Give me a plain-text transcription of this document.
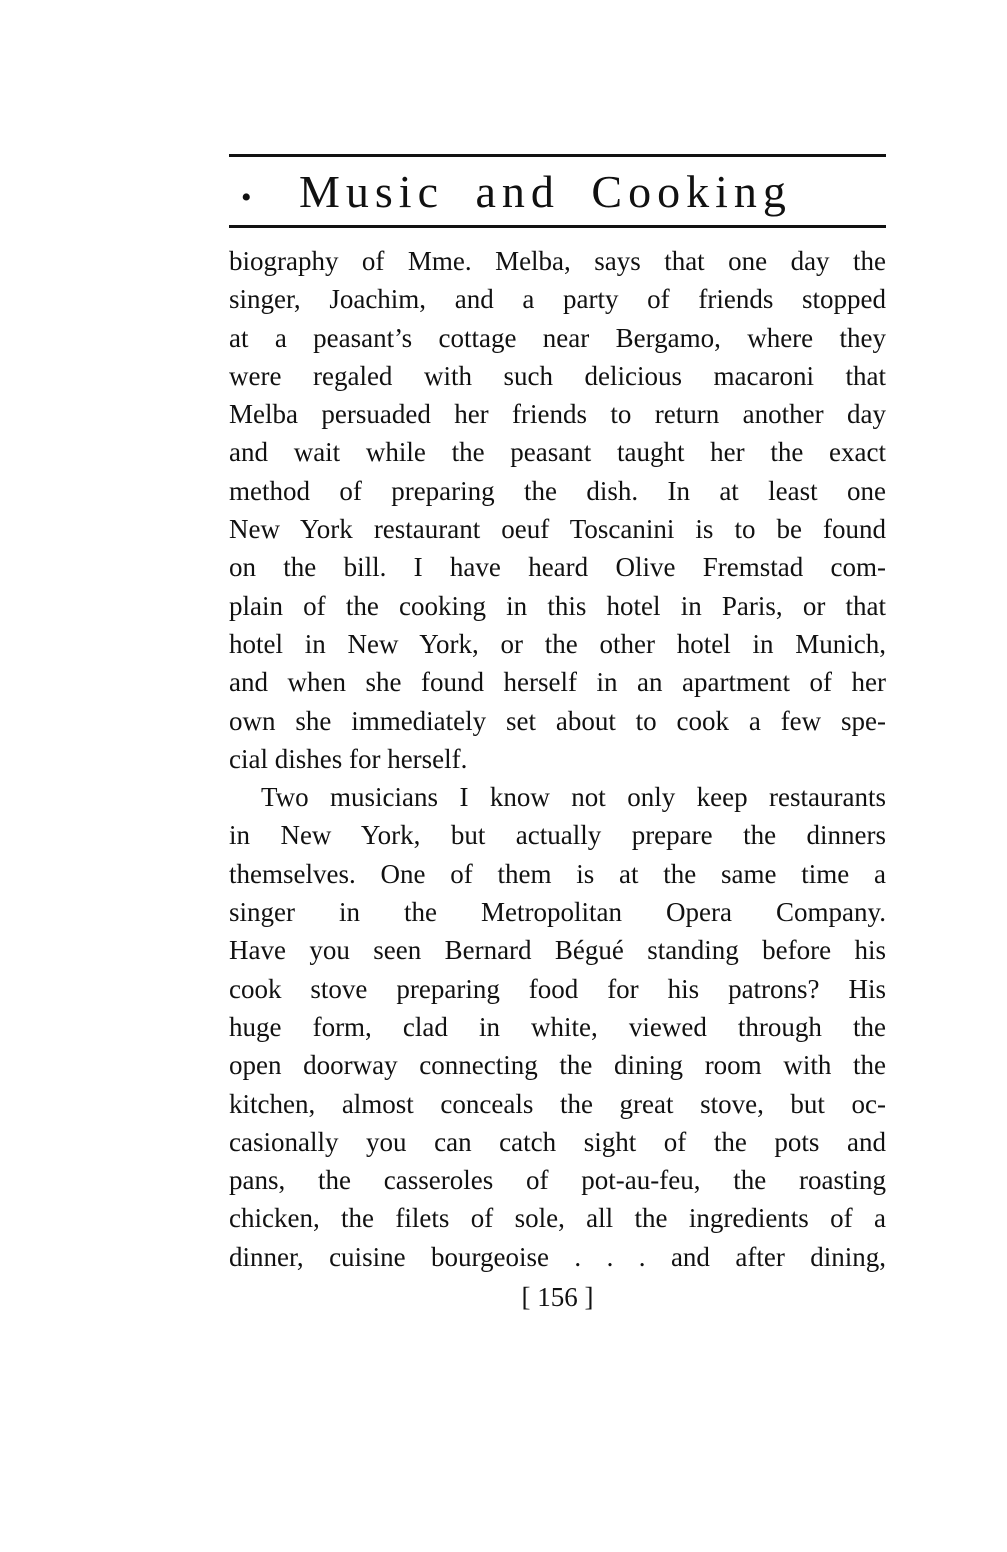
•	Music and Cooking
biography of Mme. Melba, says that one day the
singer, Joachim, and a party of friends stopped
at a peasant’s cottage near Bergamo, where they
were regaled with such delicious macaroni that
Melba persuaded her friends to return another day
and wait while the peasant taught her the exact
method of preparing the dish. In at least one
New York restaurant oeuf Toscanini is to be found
on the bill. I have heard Olive Fremstad com-
plain of the cooking in this hotel in Paris, or that
hotel in New York, or the other hotel in Munich,
and when she found herself in an apartment of her
own she immediately set about to cook a few spe-
cial dishes for herself.
Two musicians I know not only keep restaurants
in New York, but actually prepare the dinners
themselves. One of them is at the same time a
singer in the Metropolitan Opera Company.
Have you seen Bernard Bégué standing before his
cook stove preparing food for his patrons? His
huge form, clad in white, viewed through the
open doorway connecting the dining room with the
kitchen, almost conceals the great stove, but oc-
casionally you can catch sight of the pots and
pans, the casseroles of pot-au-feu, the roasting
chicken, the filets of sole, all the ingredients of a
dinner, cuisine bourgeoise . . . and after dining,
[ 156 ]
